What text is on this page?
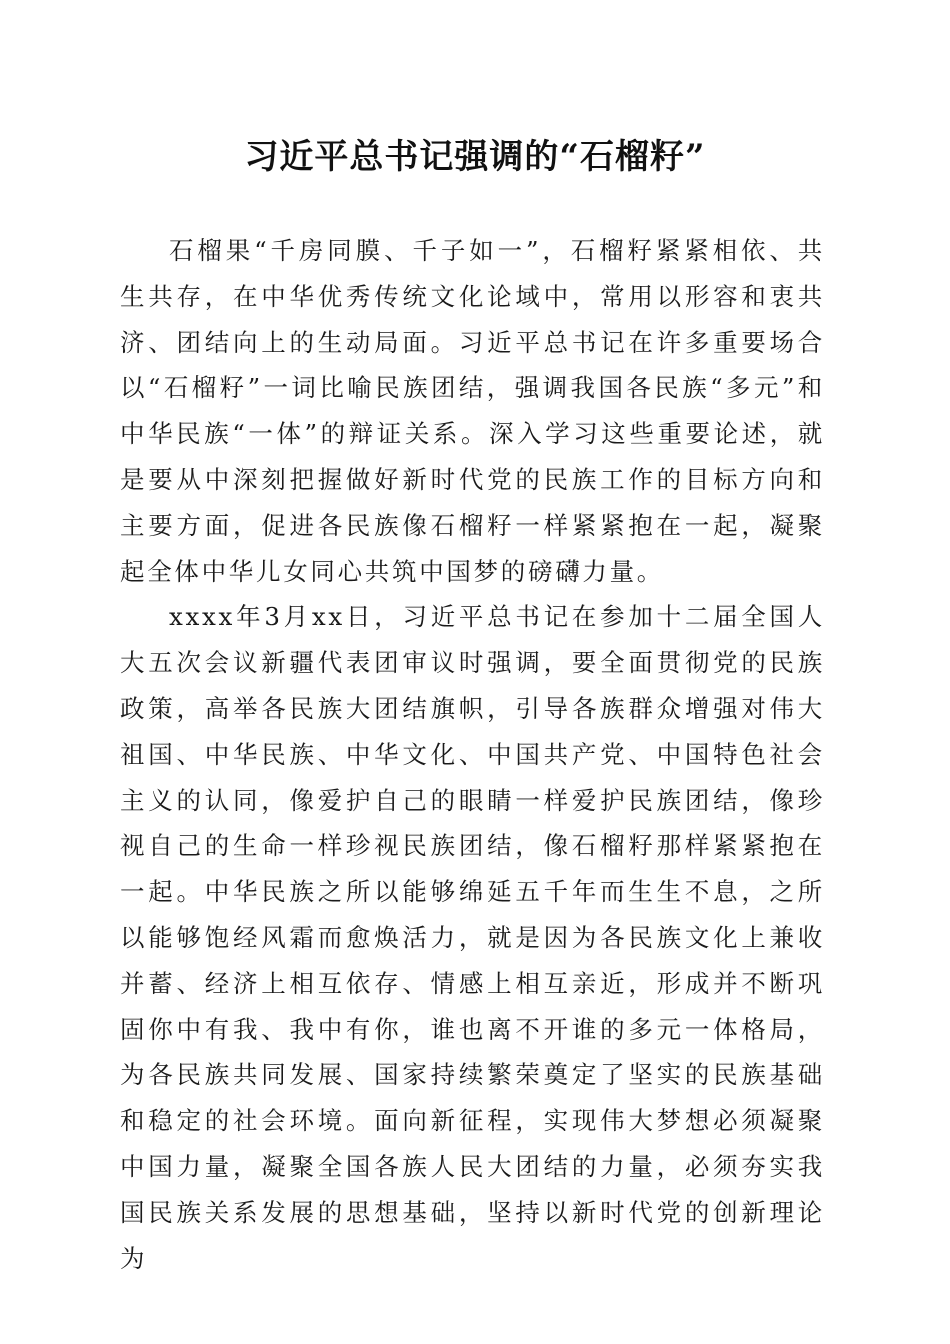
习近平总书记强调的“石榴籽”

石榴果“千房同膜、千子如一”，石榴籽紧紧相依、共生共存，在中华优秀传统文化论域中，常用以形容和衷共济、团结向上的生动局面。习近平总书记在许多重要场合以“石榴籽”一词比喻民族团结，强调我国各民族“多元”和中华民族“一体”的辩证关系。深入学习这些重要论述，就是要从中深刻把握做好新时代党的民族工作的目标方向和主要方面，促进各民族像石榴籽一样紧紧抱在一起，凝聚起全体中华儿女同心共筑中国梦的磅礴力量。

xxxx年3月xx日，习近平总书记在参加十二届全国人大五次会议新疆代表团审议时强调，要全面贯彻党的民族政策，高举各民族大团结旗帜，引导各族群众增强对伟大祖国、中华民族、中华文化、中国共产党、中国特色社会主义的认同，像爱护自己的眼睛一样爱护民族团结，像珍视自己的生命一样珍视民族团结，像石榴籽那样紧紧抱在一起。中华民族之所以能够绵延五千年而生生不息，之所以能够饱经风霜而愈焕活力，就是因为各民族文化上兼收并蓄、经济上相互依存、情感上相互亲近，形成并不断巩固你中有我、我中有你，谁也离不开谁的多元一体格局，为各民族共同发展、国家持续繁荣奠定了坚实的民族基础和稳定的社会环境。面向新征程，实现伟大梦想必须凝聚中国力量，凝聚全国各族人民大团结的力量，必须夯实我国民族关系发展的思想基础，坚持以新时代党的创新理论为
